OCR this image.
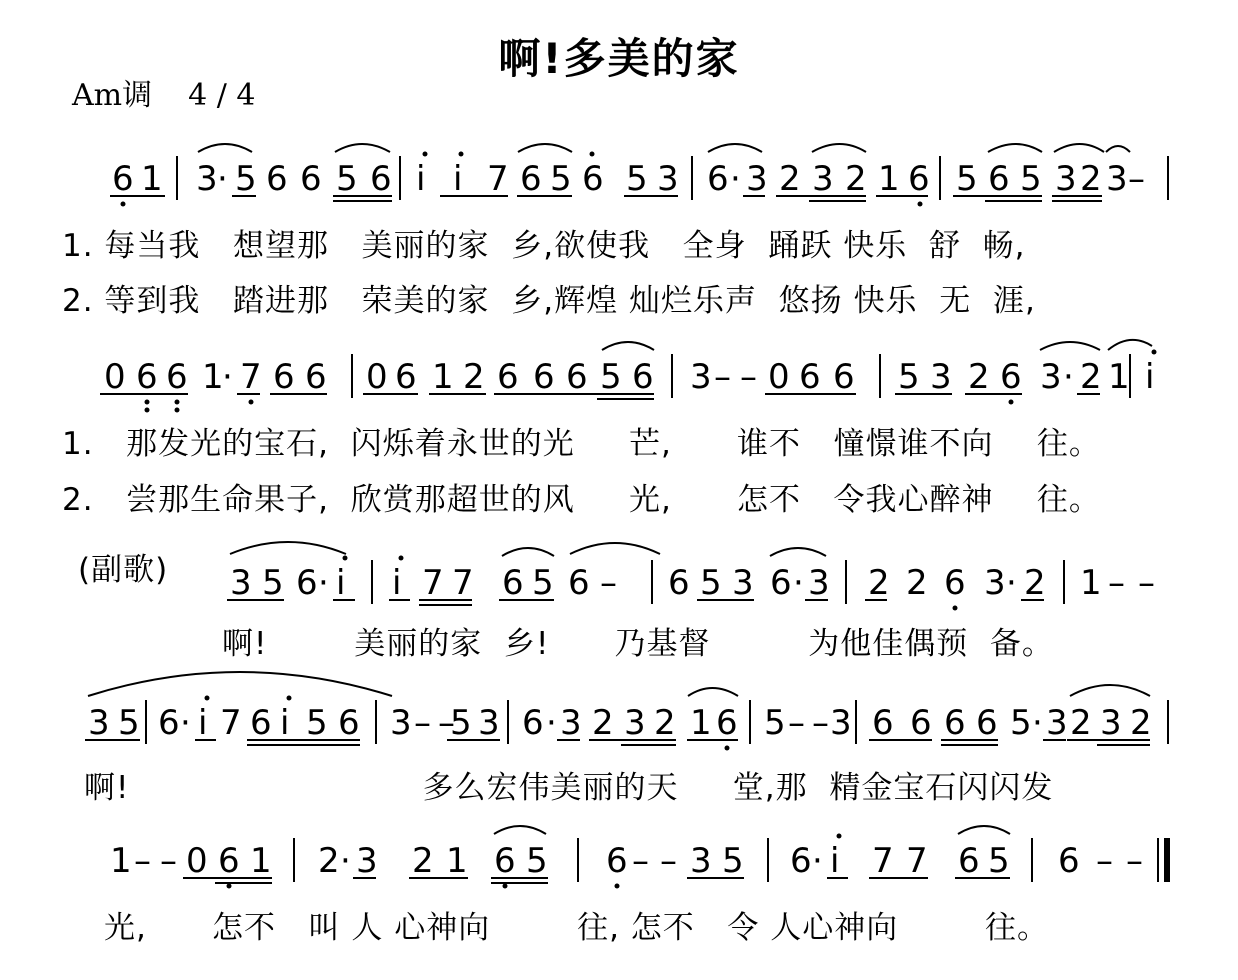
啊!多美的家
Am调 4 / 4
6 1 3 · 5 6 6 5 6 i i 7 6 5 6 5 3 6 · 3 2 3 2 1 6 5 6 5 3 2 3 –
1. 每当我   想望那   美丽的家  乡,欲使我   全身  踊跃 快乐  舒  畅,
2. 等到我   踏进那   荣美的家  乡,辉煌 灿烂乐声  悠扬 快乐  无  涯,
0 6 6 1
· 7 6 6 0 6 1 2 6 6 6 5 6 3 – – 0 6 6 5 3 2 6 3 · 2 1 i
1.   那发光的宝石,  闪烁着永世的光     芒,      谁不   憧憬谁不向    往。
2.   尝那生命果子,  欣赏那超世的风     光,      怎不   令我心醉神    往。
(副歌) 3 5 6 · i i 7 7 6 5 6 – 6 5 3 6 · 3 2 2 6 3 · 2 1 – –
啊!        美丽的家  乡!      乃基督         为他佳偶预  备。
3 5 6 · i 7 6 i 5 6 3 – –
5 3 6 · 3 2 3 2 1 6 5 – – 3 6 6 6 6 5 · 3 2 3 2
啊!                           多么宏伟美丽的天     堂,那  精金宝石闪闪发
1 – – 0 6 1 2 · 3 2 1 6 5 6 – – 3 5 6 · i 7 7 6 5 6 – –
光,      怎不   叫 人 心神向        往, 怎不   令 人心神向        往。
